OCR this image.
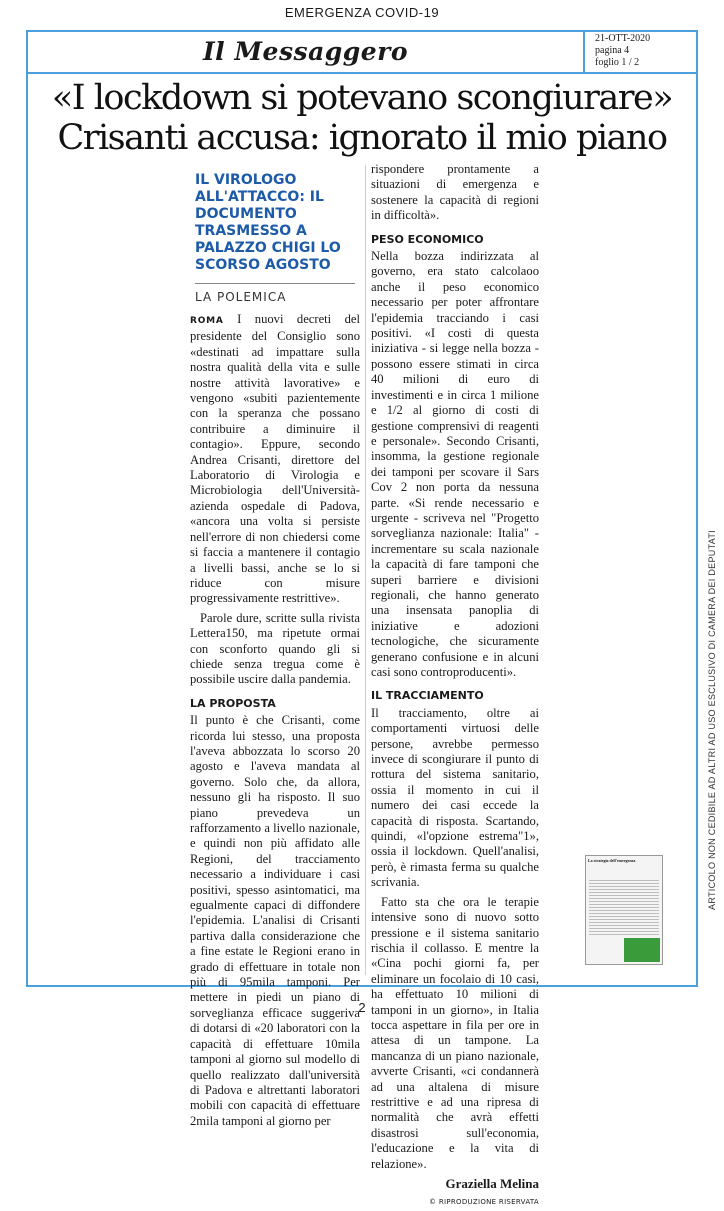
EMERGENZA COVID-19
Il Messaggero	21-OTT-2020
pagina 4
foglio 1 / 2
ARTICOLO NON CEDIBILE AD ALTRI AD USO ESCLUSIVO DI CAMERA DEI DEPUTATI
«I lockdown si potevano scongiurare»
Crisanti accusa: ignorato il mio piano
IL VIROLOGO ALL'ATTACCO: IL DOCUMENTO TRASMESSO A PALAZZO CHIGI LO SCORSO AGOSTO
LA POLEMICA

ROMA I nuovi decreti del presidente del Consiglio sono «destinati ad impattare sulla nostra qualità della vita e sulle nostre attività lavorative» e vengono «subiti pazientemente con la speranza che possano contribuire a diminuire il contagio». Eppure, secondo Andrea Crisanti, direttore del Laboratorio di Virologia e Microbiologia dell'Università-azienda ospedale di Padova, «ancora una volta si persiste nell'errore di non chiedersi come si faccia a mantenere il contagio a livelli bassi, anche se lo si riduce con misure progressivamente restrittive».

Parole dure, scritte sulla rivista Lettera150, ma ripetute ormai con sconforto quando gli si chiede senza tregua come è possibile uscire dalla pandemia.

LA PROPOSTA

Il punto è che Crisanti, come ricorda lui stesso, una proposta l'aveva abbozzata lo scorso 20 agosto e l'aveva mandata al governo. Solo che, da allora, nessuno gli ha risposto. Il suo piano prevedeva un rafforzamento a livello nazionale, e quindi non più affidato alle Regioni, del tracciamento necessario a individuare i casi positivi, spesso asintomatici, ma egualmente capaci di diffondere l'epidemia. L'analisi di Crisanti partiva dalla considerazione che a fine estate le Regioni erano in grado di effettuare in totale non più di 95mila tamponi. Per mettere in piedi un piano di sorveglianza efficace suggeriva di dotarsi di «20 laboratori con la capacità di effettuare 10mila tamponi al giorno sul modello di quello realizzato dall'università di Padova e altrettanti laboratori mobili con capacità di effettuare 2mila tamponi al giorno per

rispondere prontamente a situazioni di emergenza e sostenere la capacità di regioni in difficoltà».

PESO ECONOMICO

Nella bozza indirizzata al governo, era stato calcolaoo anche il peso economico necessario per poter affrontare l'epidemia tracciando i casi positivi. «I costi di questa iniziativa - si legge nella bozza - possono essere stimati in circa 40 milioni di euro di investimenti e in circa 1 milione e 1/2 al giorno di costi di gestione comprensivi di reagenti e personale». Secondo Crisanti, insomma, la gestione regionale dei tamponi per scovare il Sars Cov 2 non porta da nessuna parte. «Si rende necessario e urgente - scriveva nel "Progetto sorveglianza nazionale: Italia" - incrementare su scala nazionale la capacità di fare tamponi che superi barriere e divisioni regionali, che hanno generato una insensata panoplia di iniziative e adozioni tecnologiche, che sicuramente generano confusione e in alcuni casi sono controproducenti».

IL TRACCIAMENTO

Il tracciamento, oltre ai comportamenti virtuosi delle persone, avrebbe permesso invece di scongiurare il punto di rottura del sistema sanitario, ossia il momento in cui il numero dei casi eccede la capacità di risposta. Scartando, quindi, «l'opzione estrema"1», ossia il lockdown. Quell'analisi, però, è rimasta ferma su qualche scrivania.

Fatto sta che ora le terapie intensive sono di nuovo sotto pressione e il sistema sanitario rischia il collasso. E mentre la «Cina pochi giorni fa, per eliminare un focolaio di 10 casi, ha effettuato 10 milioni di tamponi in un giorno», in Italia tocca aspettare in fila per ore in attesa di un tampone. La mancanza di un piano nazionale, avverte Crisanti, «ci condannerà ad una altalena di misure restrittive e ad una ripresa di normalità che avrà effetti disastrosi sull'economia, l'educazione e la vita di relazione».

Graziella Melina
© RIPRODUZIONE RISERVATA
La strategia dell'emergenza
2
